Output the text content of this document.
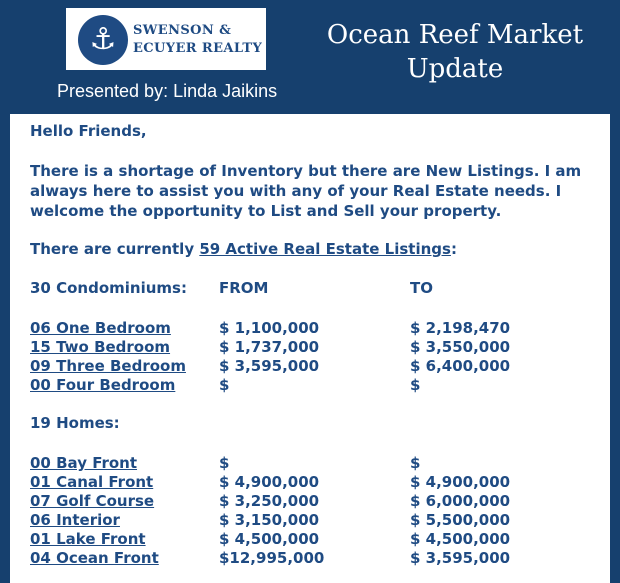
⚓	SWENSON &
ECUYER REALTY
Presented by: Linda Jaikins
Ocean Reef Market
Update
Hello Friends,
There is a shortage of Inventory but there are New Listings. I am
always here to assist you with any of your Real Estate needs. I
welcome the opportunity to List and Sell your property.
There are currently 59 Active Real Estate Listings:
30 Condominiums: FROM	TO
06 One Bedroom	$ 1,100,000	$ 2,198,470
15 Two Bedroom	$ 1,737,000	$ 3,550,000
09 Three Bedroom $ 3,595,000	$ 6,400,000
00 Four Bedroom	$	$
19 Homes:
00 Bay Front	$	$
01 Canal Front	$ 4,900,000	$ 4,900,000
07 Golf Course	$ 3,250,000	$ 6,000,000
06 Interior	$ 3,150,000	$ 5,500,000
01 Lake Front	$ 4,500,000	$ 4,500,000
04 Ocean Front	$12,995,000	$ 3,595,000
